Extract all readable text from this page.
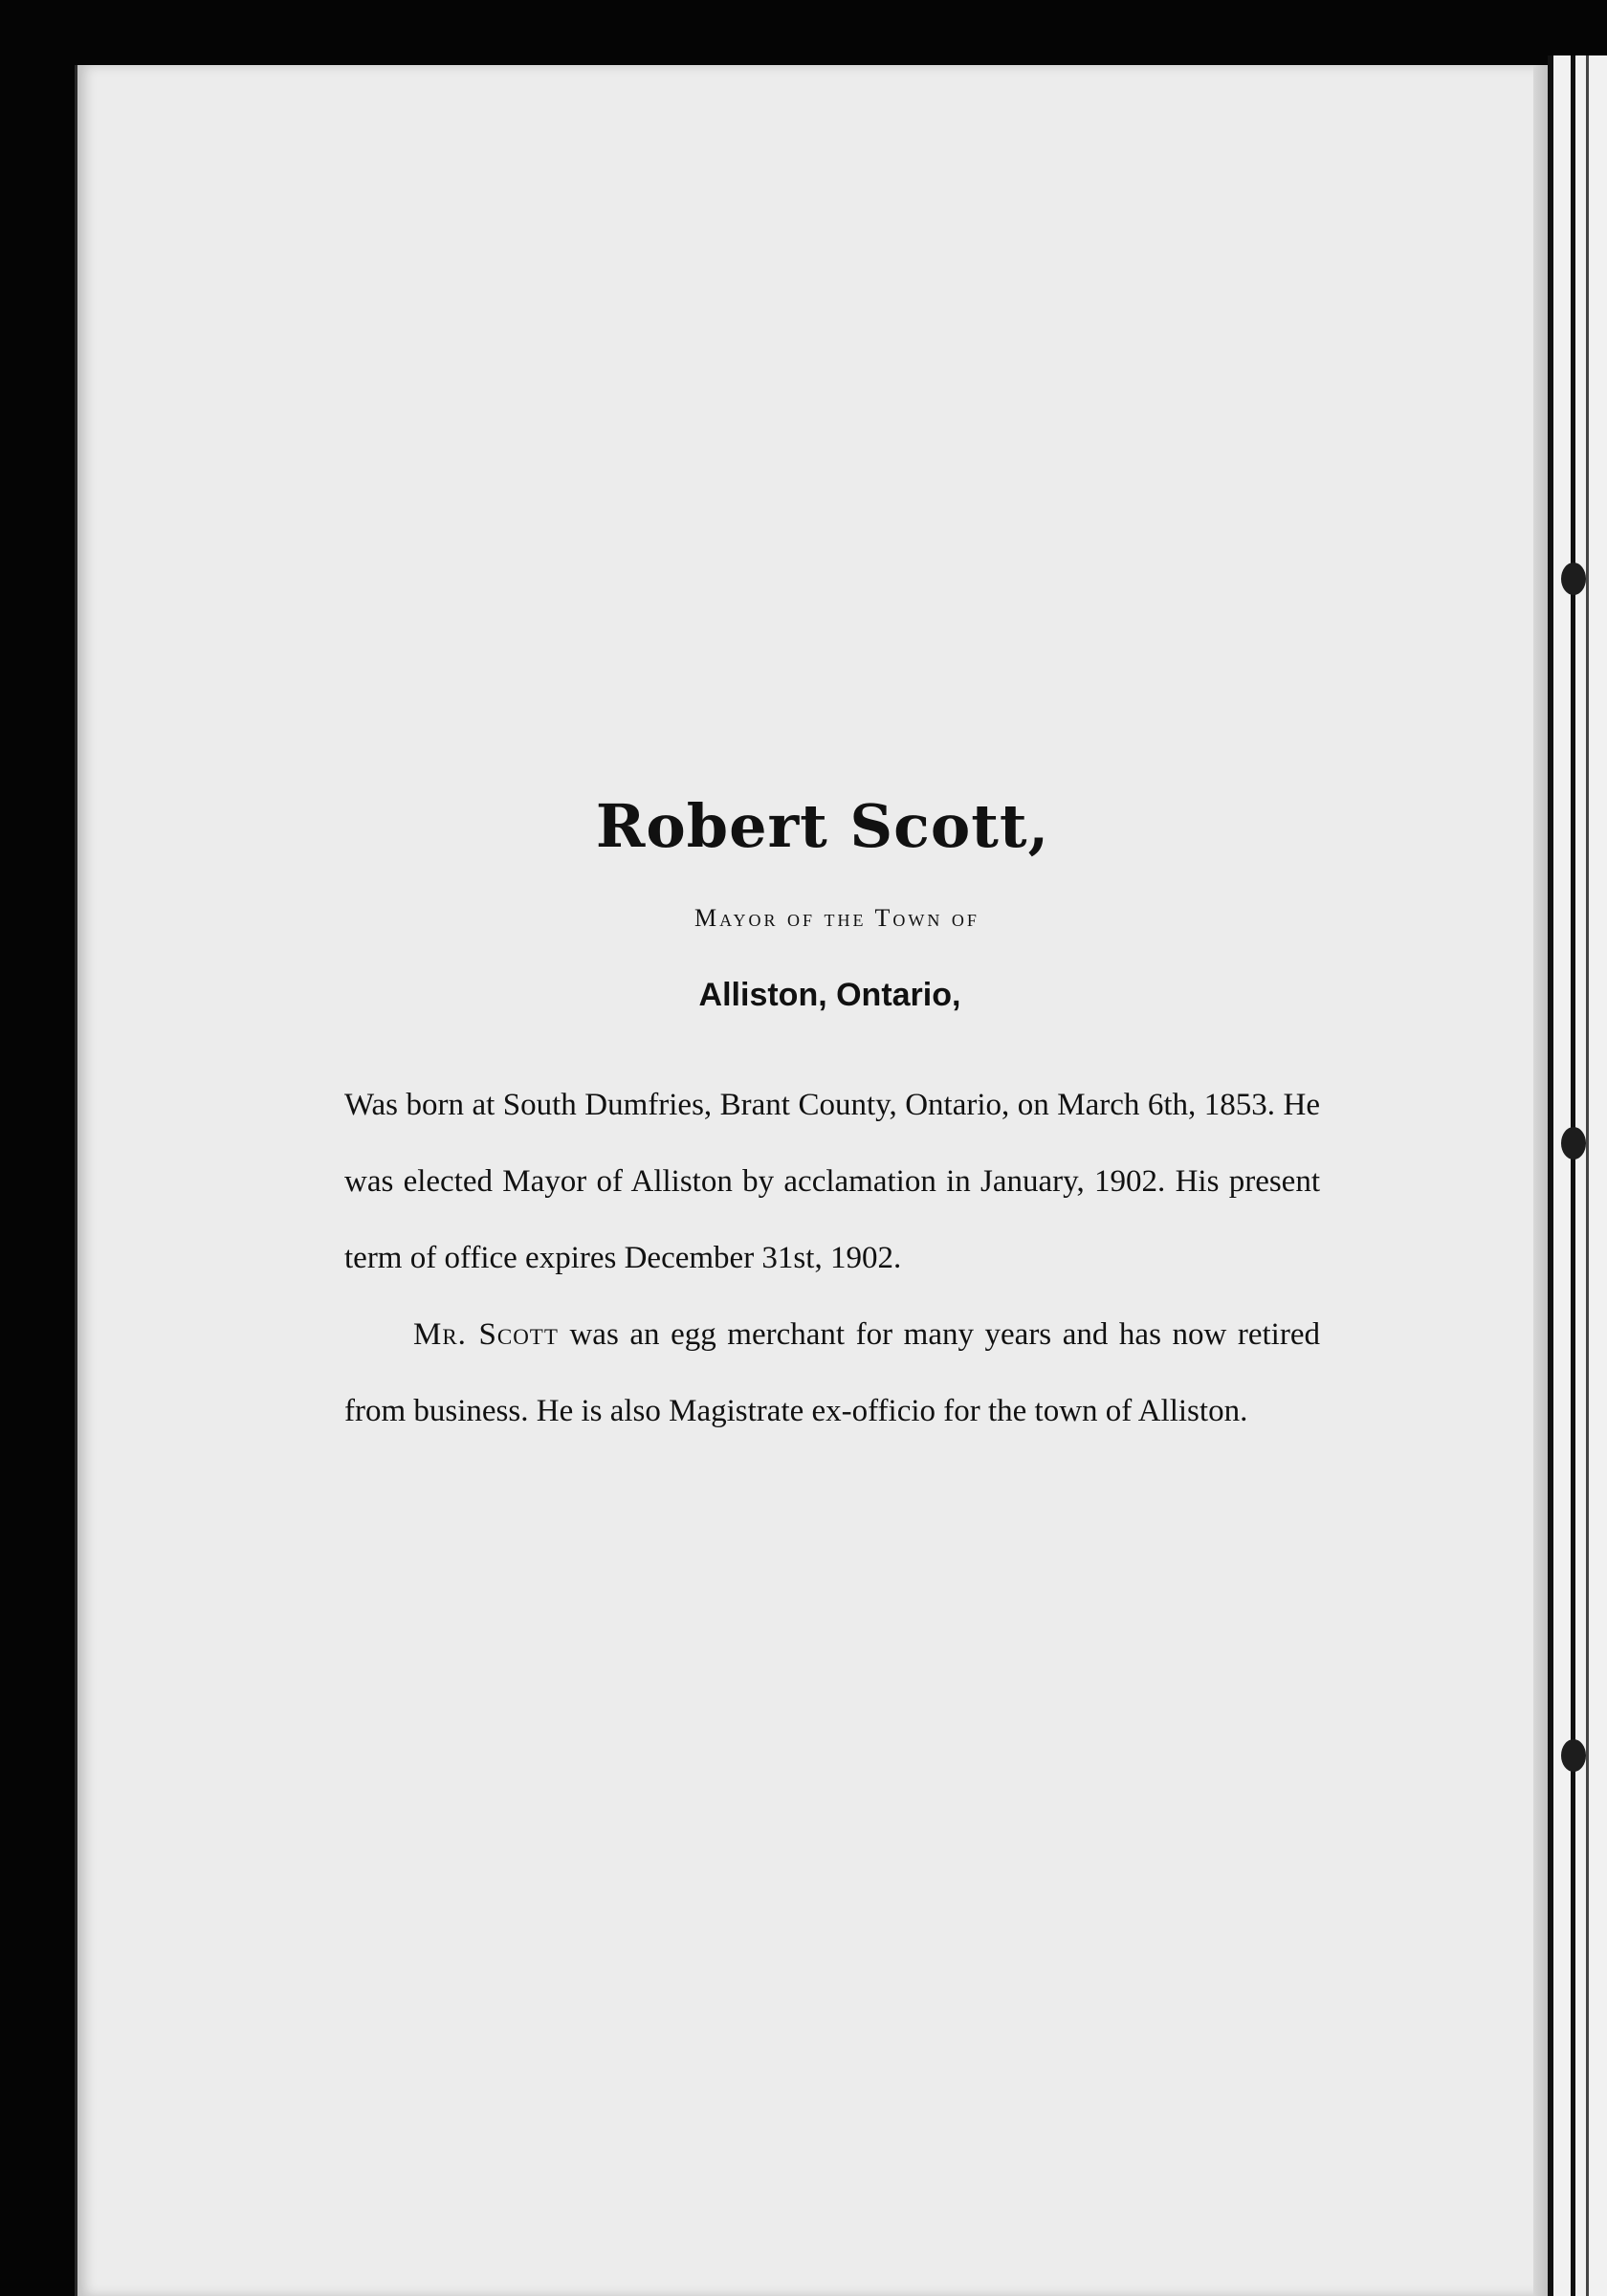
Robert Scott,
Mayor of the Town of
Alliston, Ontario,

Was born at South Dumfries, Brant County, Ontario, on March 6th, 1853. He was elected Mayor of Alliston by acclamation in January, 1902. His present term of office expires December 31st, 1902.

Mr. Scott was an egg merchant for many years and has now retired from business. He is also Magistrate ex-officio for the town of Alliston.
